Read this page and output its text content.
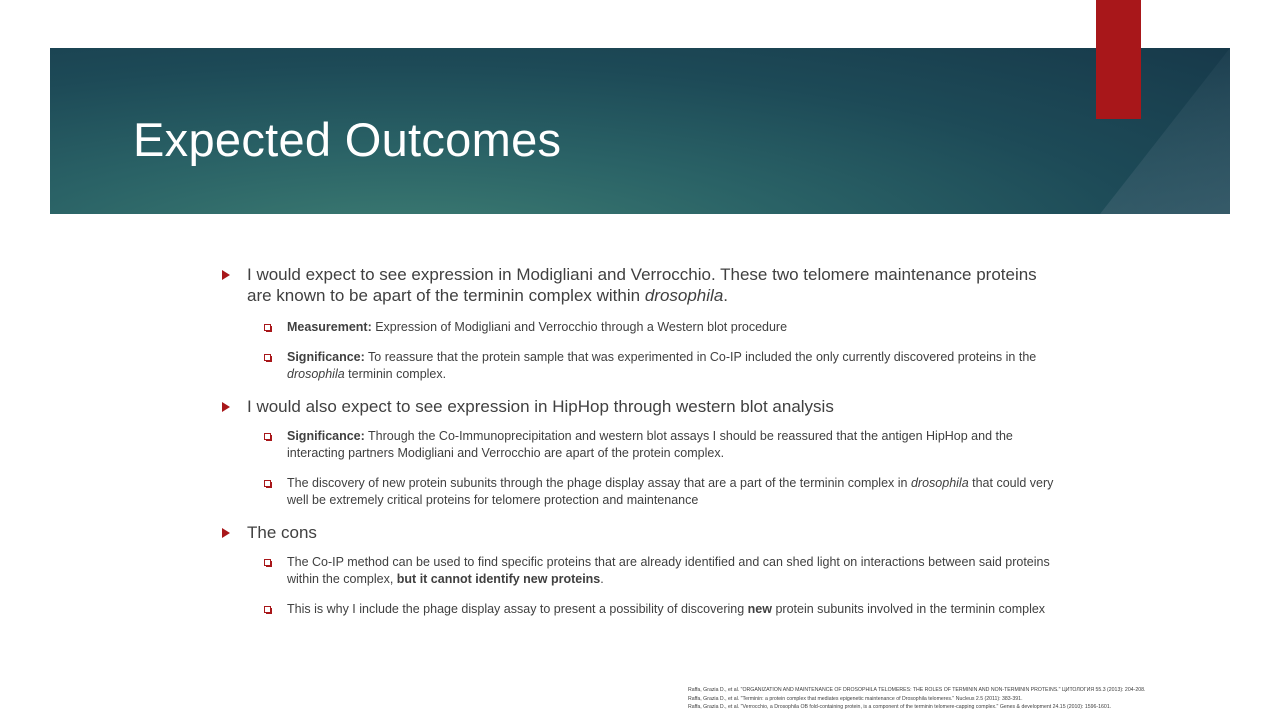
Expected Outcomes
I would expect to see expression in Modigliani and Verrocchio. These two telomere maintenance proteins are known to be apart of the terminin complex within drosophila.
Measurement: Expression of Modigliani and Verrocchio through a Western blot procedure
Significance: To reassure that the protein sample that was experimented in Co-IP included the only currently discovered proteins in the drosophila terminin complex.
I would also expect to see expression in HipHop through western blot analysis
Significance: Through the Co-Immunoprecipitation and western blot assays I should be reassured that the antigen HipHop and the interacting partners Modigliani and Verrocchio are apart of the protein complex.
The discovery of new protein subunits through the phage display assay that are a part of the terminin complex in drosophila that could very well be extremely critical proteins for telomere protection and maintenance
The cons
The Co-IP method can be used to find specific proteins that are already identified and can shed light on interactions between said proteins within the complex, but it cannot identify new proteins.
This is why I include the phage display assay to present a possibility of discovering new protein subunits involved in the terminin complex
Raffa, Grazia D., et al. "ORGANIZATION AND MAINTENANCE OF DROSOPHILA TELOMERES: THE ROLES OF TERMININ AND NON-TERMININ PROTEINS." ЦИТОЛОГИЯ 55.3 (2013): 204-208.
Raffa, Grazia D., et al. "Terminin: a protein complex that mediates epigenetic maintenance of Drosophila telomeres." Nucleus 2.5 (2011): 383-391.
Raffa, Grazia D., et al. "Verrocchio, a Drosophila OB fold-containing protein, is a component of the terminin telomere-capping complex." Genes & development 24.15 (2010): 1596-1601.
